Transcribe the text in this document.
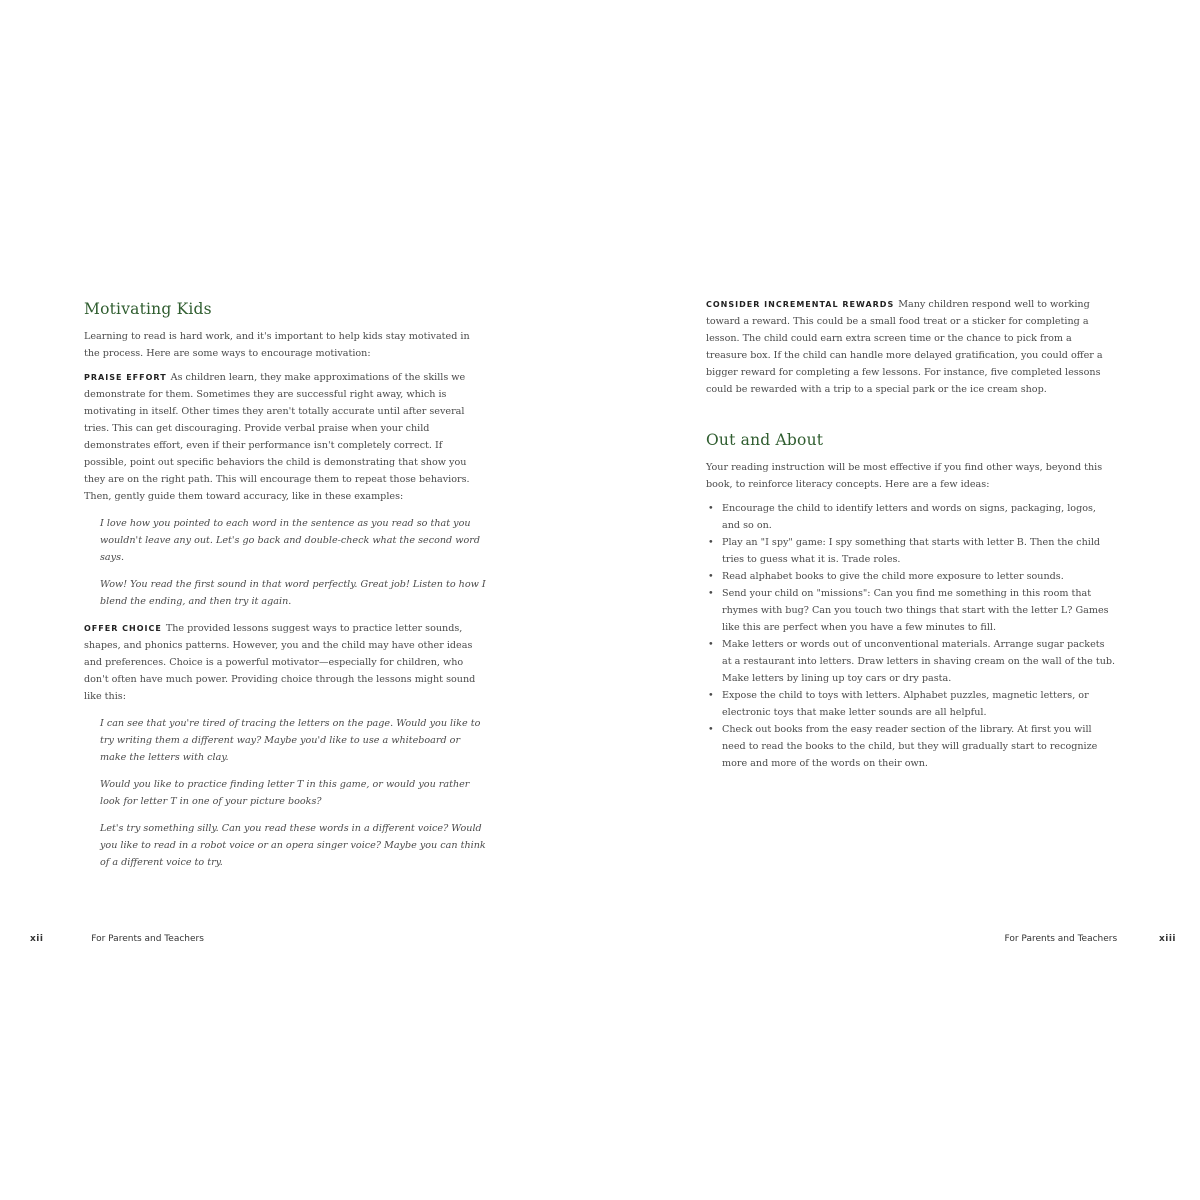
Motivating Kids

Learning to read is hard work, and it's important to help kids stay motivated in the process. Here are some ways to encourage motivation:

PRAISE EFFORT As children learn, they make approximations of the skills we demonstrate for them. Sometimes they are successful right away, which is motivating in itself. Other times they aren't totally accurate until after several tries. This can get discouraging. Provide verbal praise when your child demonstrates effort, even if their performance isn't completely correct. If possible, point out specific behaviors the child is demonstrating that show you they are on the right path. This will encourage them to repeat those behaviors. Then, gently guide them toward accuracy, like in these examples:

I love how you pointed to each word in the sentence as you read so that you wouldn't leave any out. Let's go back and double-check what the second word says.
Wow! You read the first sound in that word perfectly. Great job! Listen to how I blend the ending, and then try it again.

OFFER CHOICE The provided lessons suggest ways to practice letter sounds, shapes, and phonics patterns. However, you and the child may have other ideas and preferences. Choice is a powerful motivator—especially for children, who don't often have much power. Providing choice through the lessons might sound like this:

I can see that you're tired of tracing the letters on the page. Would you like to try writing them a different way? Maybe you'd like to use a whiteboard or make the letters with clay.
Would you like to practice finding letter T in this game, or would you rather look for letter T in one of your picture books?
Let's try something silly. Can you read these words in a different voice? Would you like to read in a robot voice or an opera singer voice? Maybe you can think of a different voice to try.
xii	For Parents and Teachers

CONSIDER INCREMENTAL REWARDS Many children respond well to working toward a reward. This could be a small food treat or a sticker for completing a lesson. The child could earn extra screen time or the chance to pick from a treasure box. If the child can handle more delayed gratification, you could offer a bigger reward for completing a few lessons. For instance, five completed lessons could be rewarded with a trip to a special park or the ice cream shop.

Out and About

Your reading instruction will be most effective if you find other ways, beyond this book, to reinforce literacy concepts. Here are a few ideas:

• Encourage the child to identify letters and words on signs, packaging, logos, and so on.
• Play an "I spy" game: I spy something that starts with letter B. Then the child tries to guess what it is. Trade roles.
• Read alphabet books to give the child more exposure to letter sounds.
• Send your child on "missions": Can you find me something in this room that rhymes with bug? Can you touch two things that start with the letter L? Games like this are perfect when you have a few minutes to fill.
• Make letters or words out of unconventional materials. Arrange sugar packets at a restaurant into letters. Draw letters in shaving cream on the wall of the tub. Make letters by lining up toy cars or dry pasta.
• Expose the child to toys with letters. Alphabet puzzles, magnetic letters, or electronic toys that make letter sounds are all helpful.
• Check out books from the easy reader section of the library. At first you will need to read the books to the child, but they will gradually start to recognize more and more of the words on their own.
For Parents and Teachers	xiii
